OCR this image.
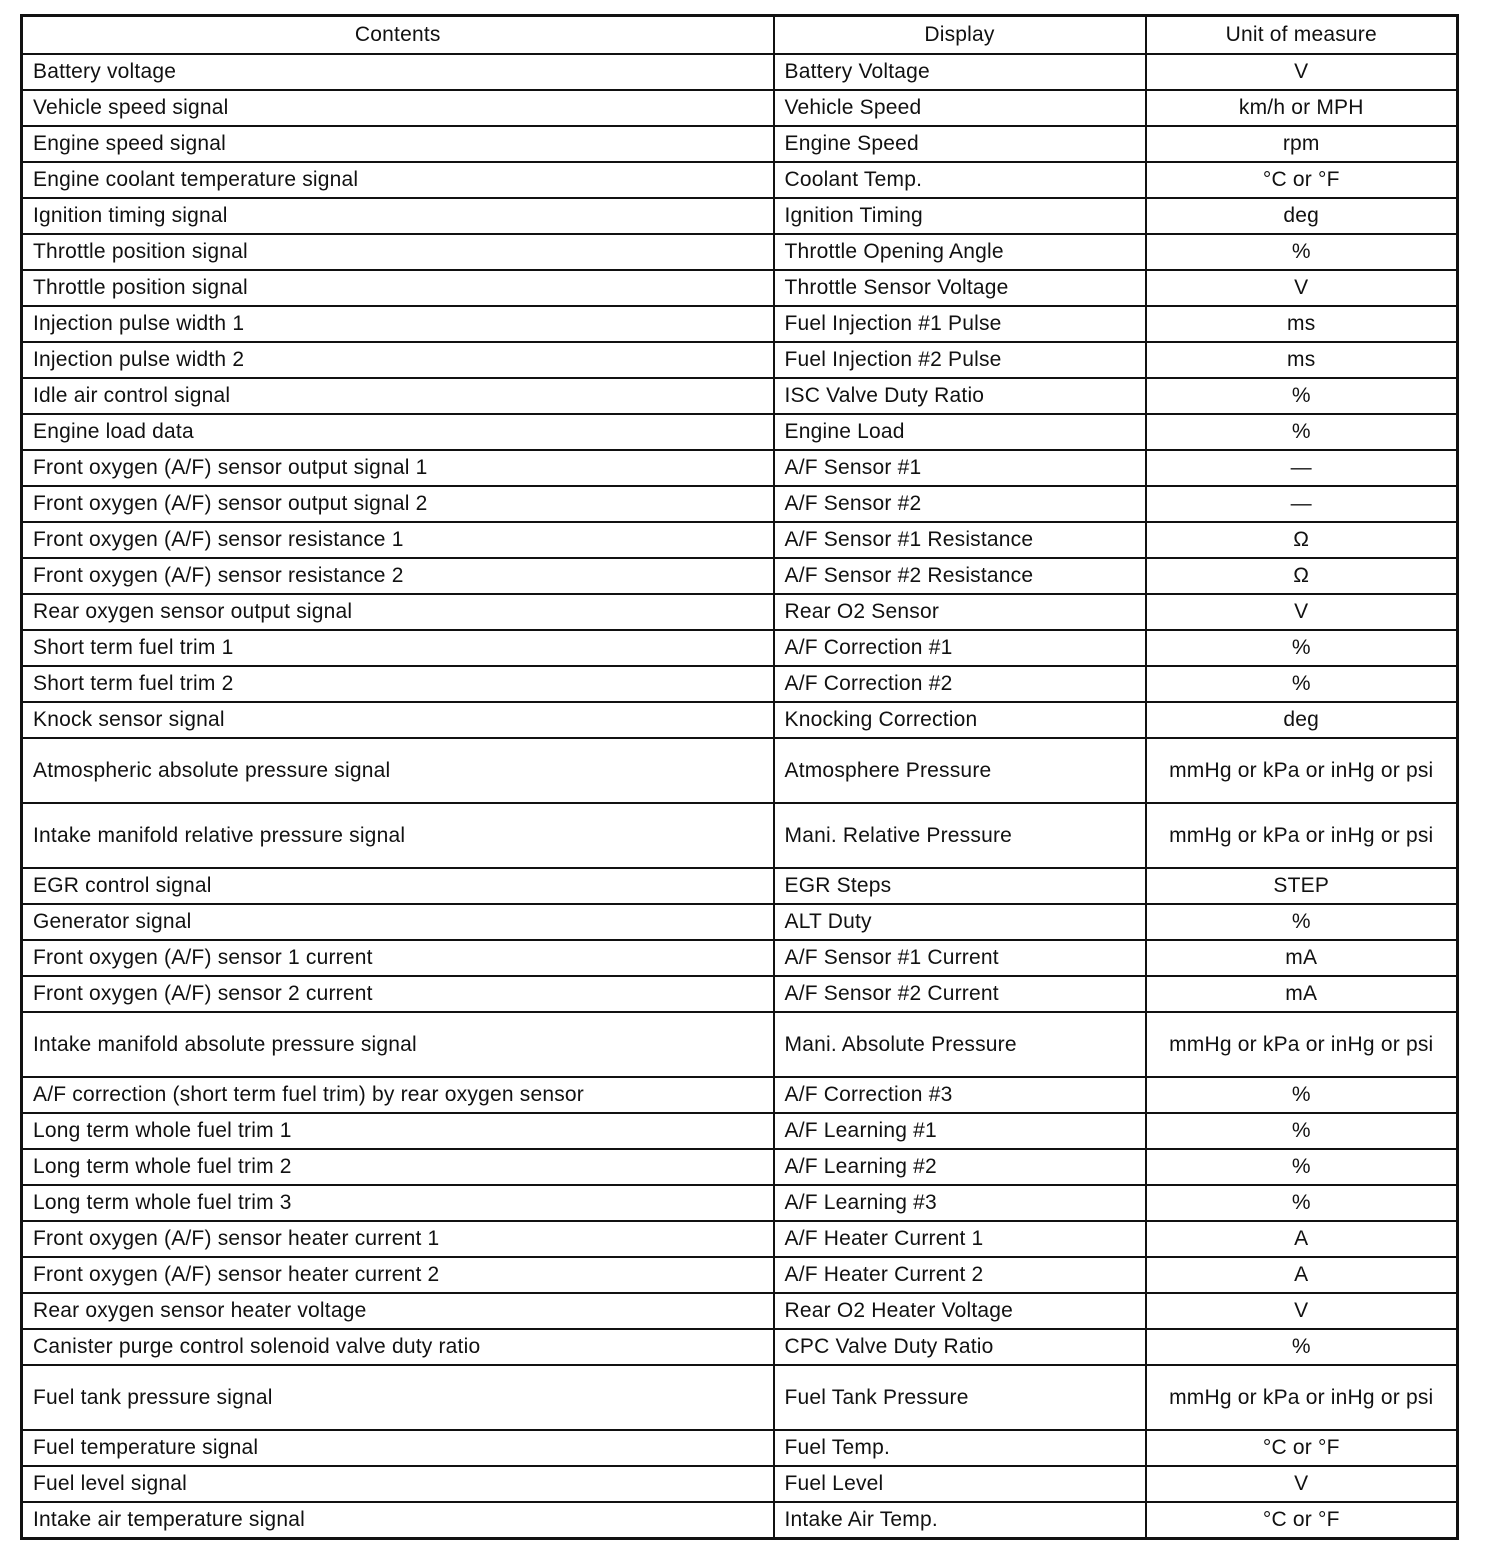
Contents	Display	Unit of measure
Battery voltage	Battery Voltage	V
Vehicle speed signal	Vehicle Speed	km/h or MPH
Engine speed signal	Engine Speed	rpm
Engine coolant temperature signal	Coolant Temp.	°C or °F
Ignition timing signal	Ignition Timing	deg
Throttle position signal	Throttle Opening Angle	%
Throttle position signal	Throttle Sensor Voltage	V
Injection pulse width 1	Fuel Injection #1 Pulse	ms
Injection pulse width 2	Fuel Injection #2 Pulse	ms
Idle air control signal	ISC Valve Duty Ratio	%
Engine load data	Engine Load	%
Front oxygen (A/F) sensor output signal 1	A/F Sensor #1	—
Front oxygen (A/F) sensor output signal 2	A/F Sensor #2	—
Front oxygen (A/F) sensor resistance 1	A/F Sensor #1 Resistance	Ω
Front oxygen (A/F) sensor resistance 2	A/F Sensor #2 Resistance	Ω
Rear oxygen sensor output signal	Rear O2 Sensor	V
Short term fuel trim 1	A/F Correction #1	%
Short term fuel trim 2	A/F Correction #2	%
Knock sensor signal	Knocking Correction	deg
Atmospheric absolute pressure signal	Atmosphere Pressure	mmHg or kPa or inHg or psi
Intake manifold relative pressure signal	Mani. Relative Pressure	mmHg or kPa or inHg or psi
EGR control signal	EGR Steps	STEP
Generator signal	ALT Duty	%
Front oxygen (A/F) sensor 1 current	A/F Sensor #1 Current	mA
Front oxygen (A/F) sensor 2 current	A/F Sensor #2 Current	mA
Intake manifold absolute pressure signal	Mani. Absolute Pressure	mmHg or kPa or inHg or psi
A/F correction (short term fuel trim) by rear oxygen sensor	A/F Correction #3	%
Long term whole fuel trim 1	A/F Learning #1	%
Long term whole fuel trim 2	A/F Learning #2	%
Long term whole fuel trim 3	A/F Learning #3	%
Front oxygen (A/F) sensor heater current 1	A/F Heater Current 1	A
Front oxygen (A/F) sensor heater current 2	A/F Heater Current 2	A
Rear oxygen sensor heater voltage	Rear O2 Heater Voltage	V
Canister purge control solenoid valve duty ratio	CPC Valve Duty Ratio	%
Fuel tank pressure signal	Fuel Tank Pressure	mmHg or kPa or inHg or psi
Fuel temperature signal	Fuel Temp.	°C or °F
Fuel level signal	Fuel Level	V
Intake air temperature signal	Intake Air Temp.	°C or °F
